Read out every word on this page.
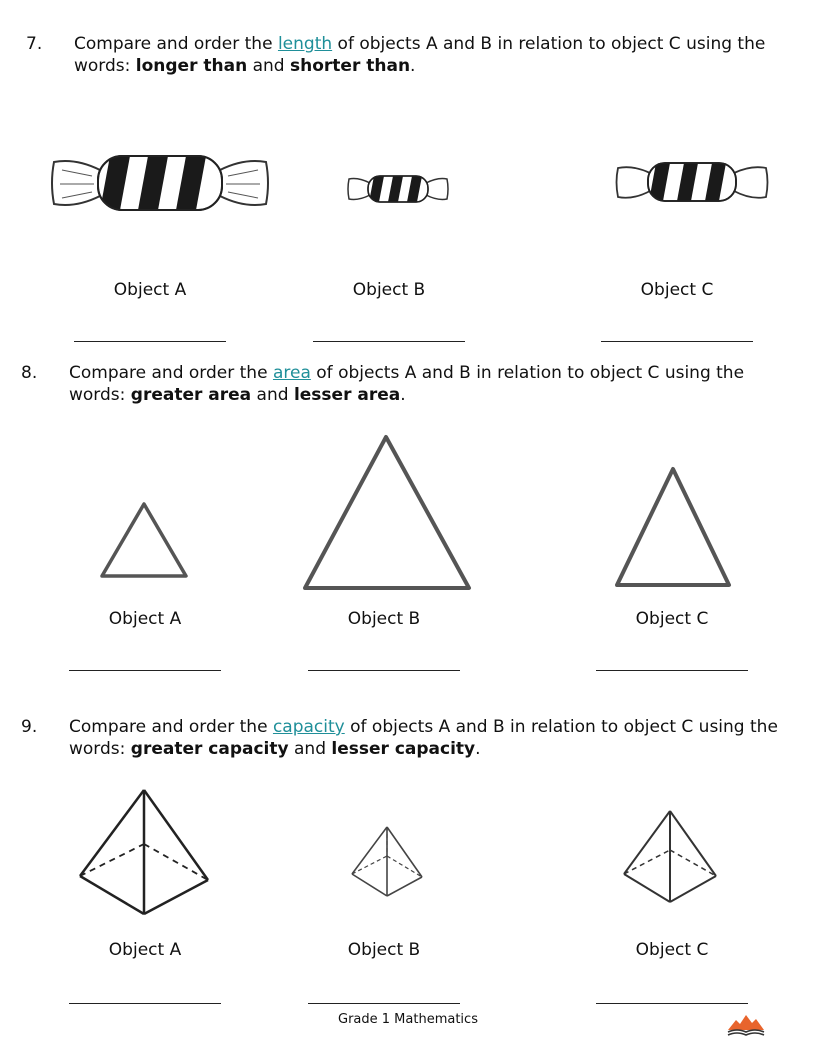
7. Compare and order the length of objects A and B in relation to object C using the words: longer than and shorter than.
Object A	Object B	Object C
8. Compare and order the area of objects A and B in relation to object C using the words: greater area and lesser area.
Object A	Object B	Object C
9. Compare and order the capacity of objects A and B in relation to object C using the words: greater capacity and lesser capacity.
Object A	Object B	Object C
Grade 1 Mathematics
